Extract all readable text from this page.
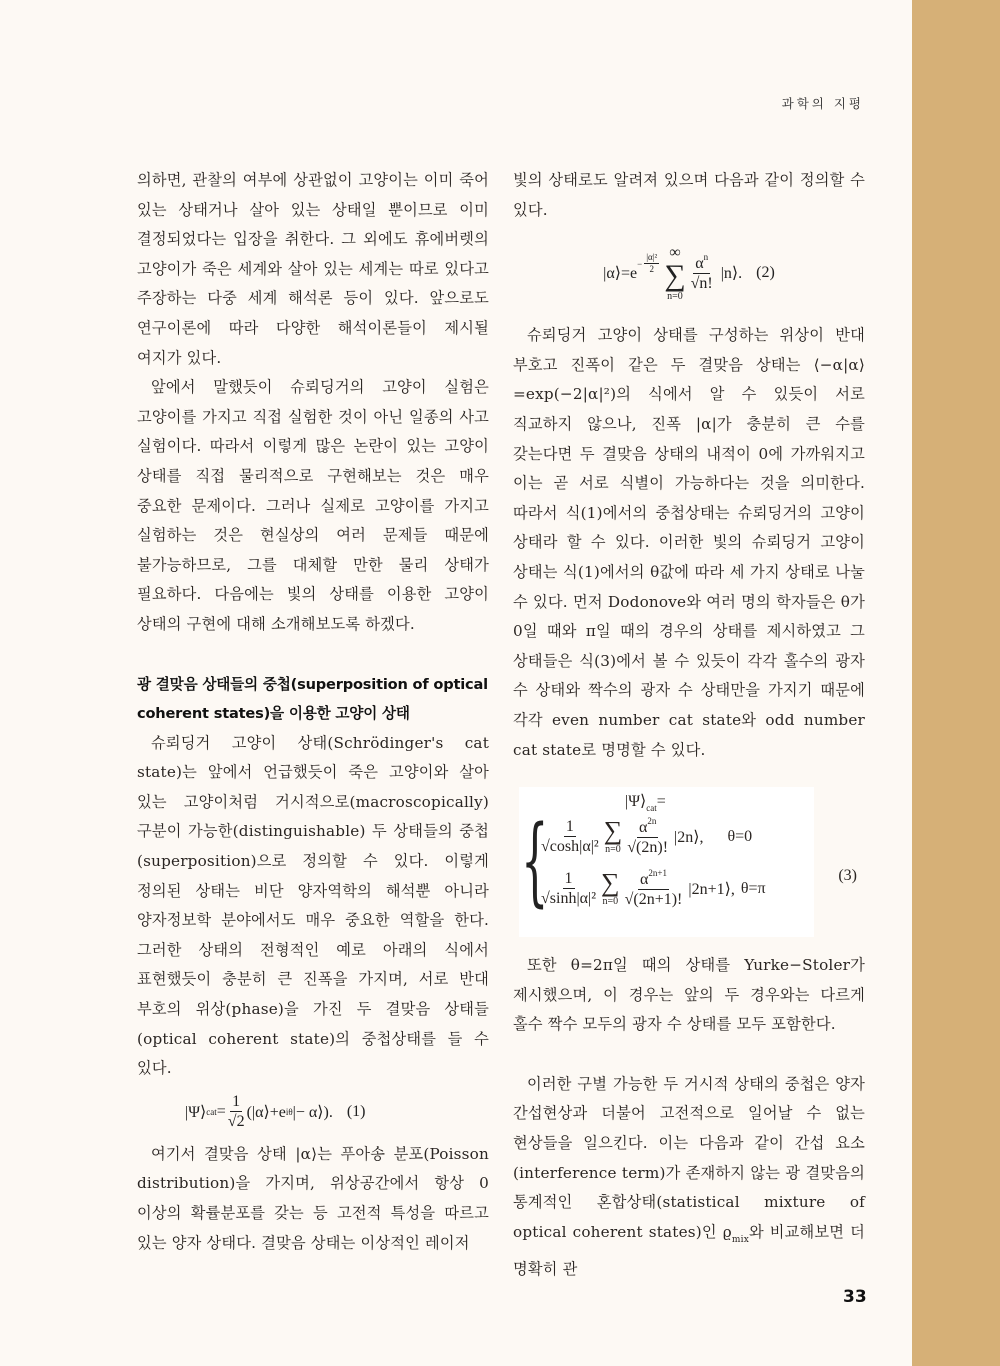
과학의 지평

의하면, 관찰의 여부에 상관없이 고양이는 이미 죽어 있는 상태거나 살아 있는 상태일 뿐이므로 이미 결정되었다는 입장을 취한다. 그 외에도 휴에버렛의 고양이가 죽은 세계와 살아 있는 세계는 따로 있다고 주장하는 다중 세계 해석론 등이 있다. 앞으로도 연구이론에 따라 다양한 해석이론들이 제시될 여지가 있다.

앞에서 말했듯이 슈뢰딩거의 고양이 실험은 고양이를 가지고 직접 실험한 것이 아닌 일종의 사고 실험이다. 따라서 이렇게 많은 논란이 있는 고양이 상태를 직접 물리적으로 구현해보는 것은 매우 중요한 문제이다. 그러나 실제로 고양이를 가지고 실험하는 것은 현실상의 여러 문제들 때문에 불가능하므로, 그를 대체할 만한 물리 상태가 필요하다. 다음에는 빛의 상태를 이용한 고양이 상태의 구현에 대해 소개해보도록 하겠다.

광 결맞음 상태들의 중첩(superposition of optical
coherent states)을 이용한 고양이 상태

슈뢰딩거 고양이 상태(Schrödinger's cat state)는 앞에서 언급했듯이 죽은 고양이와 살아 있는 고양이처럼 거시적으로(macroscopically) 구분이 가능한(distinguishable) 두 상태들의 중첩(superposition)으로 정의할 수 있다. 이렇게 정의된 상태는 비단 양자역학의 해석뿐 아니라 양자정보학 분야에서도 매우 중요한 역할을 한다. 그러한 상태의 전형적인 예로 아래의 식에서 표현했듯이 충분히 큰 진폭을 가지며, 서로 반대 부호의 위상(phase)을 가진 두 결맞음 상태들(optical coherent state)의 중첩상태를 들 수 있다.

|Ψ⟩ cat = $\frac{1}{√2}$ (|α⟩+e iθ |− α⟩). (1)

여기서 결맞음 상태 |α⟩는 푸아송 분포(Poisson distribution)을 가지며, 위상공간에서 항상 0 이상의 확률분포를 갖는 등 고전적 특성을 따르고 있는 양자 상태다. 결맞음 상태는 이상적인 레이저

빛의 상태로도 알려져 있으며 다음과 같이 정의할 수 있다.

|α⟩=e
− $\frac{\text{|α|²}}{2}$
∞
∑
n=0
$\frac{\alpha^n}{√n!}$ |n⟩. (2)

슈뢰딩거 고양이 상태를 구성하는 위상이 반대 부호고 진폭이 같은 두 결맞음 상태는 ⟨−α|α⟩=exp(−2|α|²)의 식에서 알 수 있듯이 서로 직교하지 않으나, 진폭 |α|가 충분히 큰 수를 갖는다면 두 결맞음 상태의 내적이 0에 가까워지고 이는 곧 서로 식별이 가능하다는 것을 의미한다. 따라서 식(1)에서의 중첩상태는 슈뢰딩거의 고양이 상태라 할 수 있다. 이러한 빛의 슈뢰딩거 고양이 상태는 식(1)에서의 θ값에 따라 세 가지 상태로 나눌 수 있다. 먼저 Dodonove와 여러 명의 학자들은 θ가 0일 때와 π일 때의 경우의 상태를 제시하였고 그 상태들은 식(3)에서 볼 수 있듯이 각각 홀수의 광자 수 상태와 짝수의 광자 수 상태만을 가지기 때문에 각각 even number cat state와 odd number cat state로 명명할 수 있다.

$|\Psi⟩_{cat}=$
{
$\frac{1}{\text{√cosh|α|²}}$ ∑
$n=0 \frac{\alpha^{2n}}{√(2n)!}$ |2n⟩, θ=0
$\frac{1}{\text{√sinh|α|²}}$ ∑
$n=0 \frac{\alpha^{2n+1}}{√(2n+1)!}$ |2n+1⟩, θ=π
(3)

또한 θ=2π일 때의 상태를 Yurke−Stoler가 제시했으며, 이 경우는 앞의 두 경우와는 다르게 홀수 짝수 모두의 광자 수 상태를 모두 포함한다.

이러한 구별 가능한 두 거시적 상태의 중첩은 양자 간섭현상과 더불어 고전적으로 일어날 수 없는 현상들을 일으킨다. 이는 다음과 같이 간섭 요소(interference term)가 존재하지 않는 광 결맞음의 통계적인 혼합상태(statistical mixture of optical coherent states)인 $ϱ_{mix}$와 비교해보면 더 명확히 관

33
